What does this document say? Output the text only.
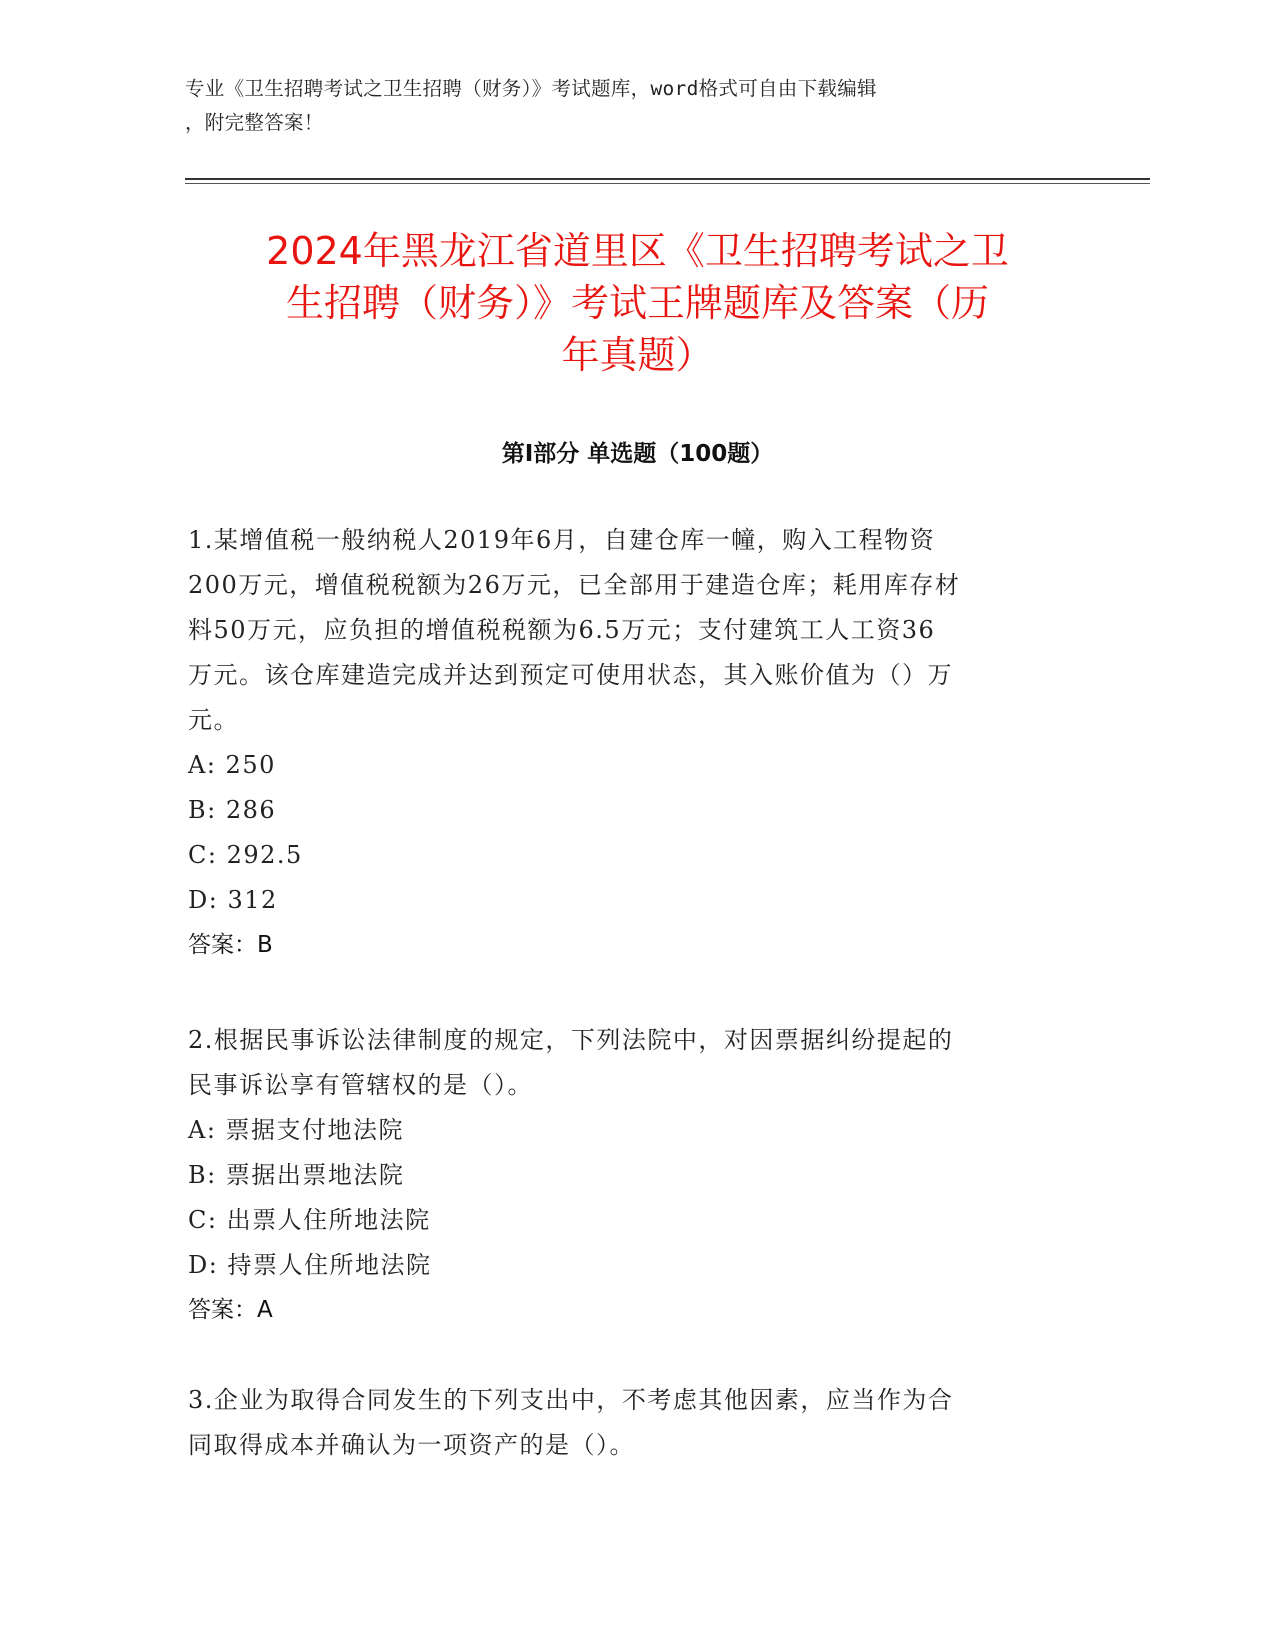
专业《卫生招聘考试之卫生招聘（财务）》考试题库，word格式可自由下载编辑
，附完整答案！
2024年黑龙江省道里区《卫生招聘考试之卫
生招聘（财务）》考试王牌题库及答案（历
年真题）
第Ⅰ部分 单选题（100题）

1.某增值税一般纳税人2019年6月，自建仓库一幢，购入工程物资

200万元，增值税税额为26万元，已全部用于建造仓库；耗用库存材

料50万元，应负担的增值税税额为6.5万元；支付建筑工人工资36

万元。该仓库建造完成并达到预定可使用状态，其入账价值为（）万

元。

A: 250

B: 286

C: 292.5

D: 312

答案：B

2.根据民事诉讼法律制度的规定，下列法院中，对因票据纠纷提起的

民事诉讼享有管辖权的是（）。

A: 票据支付地法院

B: 票据出票地法院

C: 出票人住所地法院

D: 持票人住所地法院

答案：A

3.企业为取得合同发生的下列支出中，不考虑其他因素，应当作为合

同取得成本并确认为一项资产的是（）。
